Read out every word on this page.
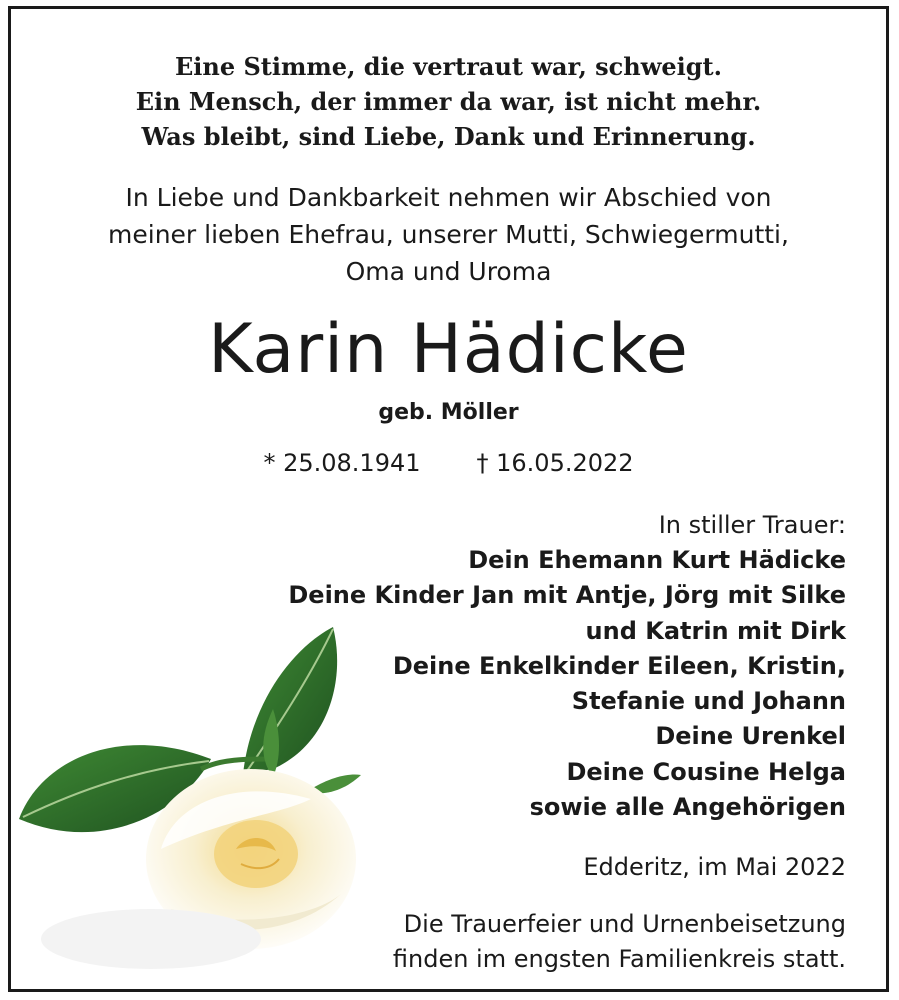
Eine Stimme, die vertraut war, schweigt.
Ein Mensch, der immer da war, ist nicht mehr.
Was bleibt, sind Liebe, Dank und Erinnerung.
In Liebe und Dankbarkeit nehmen wir Abschied von
meiner lieben Ehefrau, unserer Mutti, Schwiegermutti,
Oma und Uroma
Karin Hädicke
geb. Möller
* 25.08.1941 † 16.05.2022
In stiller Trauer:
Dein Ehemann Kurt Hädicke
Deine Kinder Jan mit Antje, Jörg mit Silke
und Katrin mit Dirk
Deine Enkelkinder Eileen, Kristin,
Stefanie und Johann
Deine Urenkel
Deine Cousine Helga
sowie alle Angehörigen
Edderitz, im Mai 2022
Die Trauerfeier und Urnenbeisetzung
finden im engsten Familienkreis statt.
